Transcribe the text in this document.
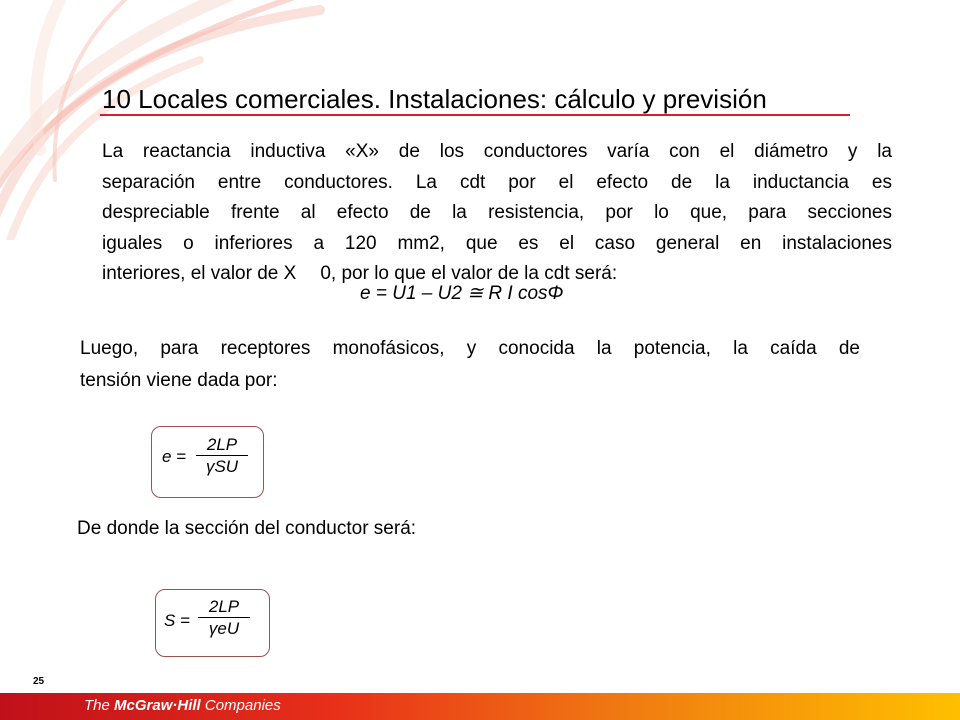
10 Locales comerciales. Instalaciones: cálculo y previsión
La reactancia inductiva «X» de los conductores varía con el diámetro y la
separación entre conductores. La cdt por el efecto de la inductancia es
despreciable frente al efecto de la resistencia, por lo que, para secciones
iguales o inferiores a 120 mm2, que es el caso general en instalaciones
interiores, el valor de X 0, por lo que el valor de la cdt será:
e = U1 – U2 ≅ R I cosΦ
Luego, para receptores monofásicos, y conocida la potencia, la caída de
tensión viene dada por:
e =
2LP
γSU
De donde la sección del conductor será:
S =
2LP
γeU
25
The McGraw·Hill Companies
